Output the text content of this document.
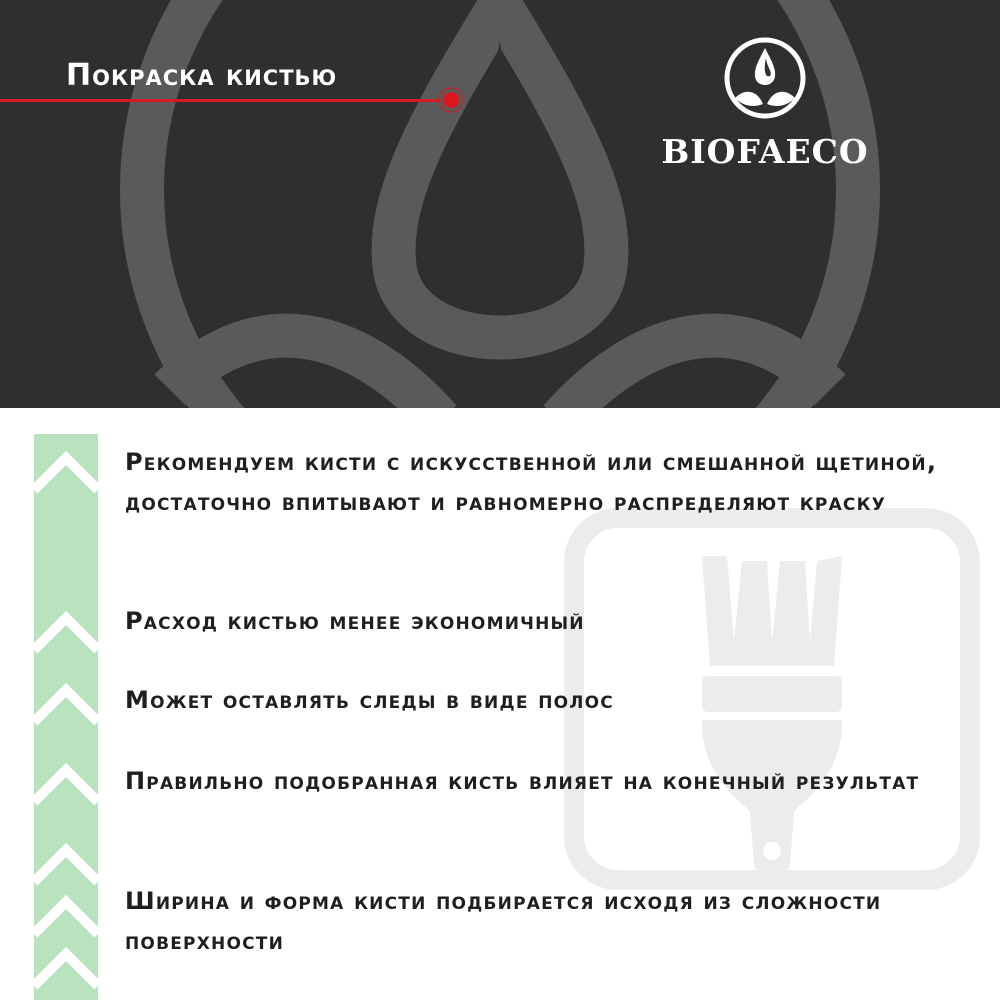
Покраска кистью
BIOFAECO

Рекомендуем кисти с искусственной или смешанной щетиной, достаточно впитывают и равномерно распределяют краску

Расход кистью менее экономичный

Может оставлять следы в виде полос

Правильно подобранная кисть влияет на конечный результат

Ширина и форма кисти подбирается исходя из сложности поверхности
